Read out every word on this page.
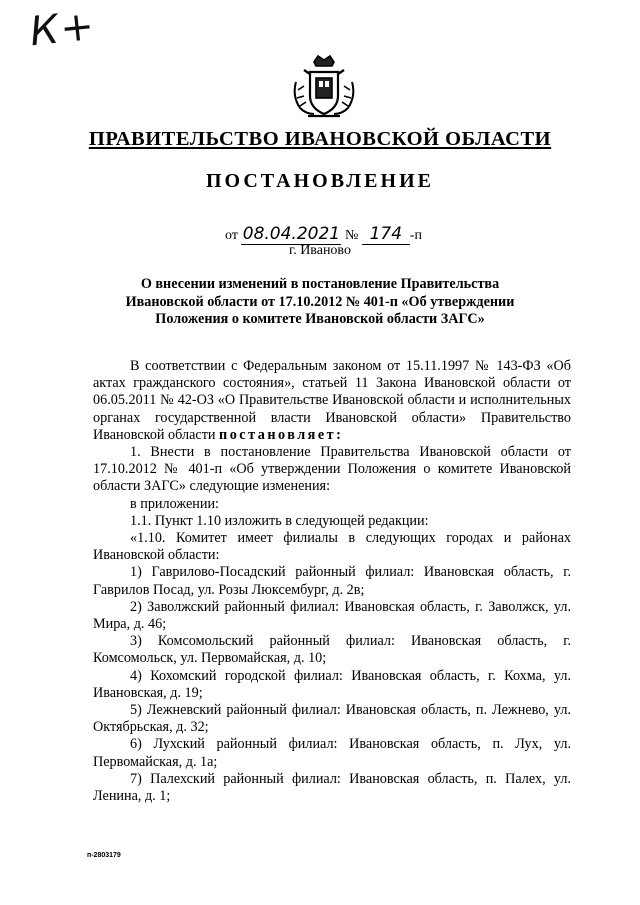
К+
ПРАВИТЕЛЬСТВО ИВАНОВСКОЙ ОБЛАСТИ
ПОСТАНОВЛЕНИЕ
от 08.04.2021 № 174 -п
г. Иваново
О внесении изменений в постановление Правительства
Ивановской области от 17.10.2012 № 401-п «Об утверждении
Положения о комитете Ивановской области ЗАГС»

В соответствии с Федеральным законом от 15.11.1997 № 143-ФЗ «Об актах гражданского состояния», статьей 11 Закона Ивановской области от 06.05.2011 № 42-ОЗ «О Правительстве Ивановской области и исполнительных органах государственной власти Ивановской области» Правительство Ивановской области постановляет:

1. Внести в постановление Правительства Ивановской области от 17.10.2012 № 401-п «Об утверждении Положения о комитете Ивановской области ЗАГС» следующие изменения:

в приложении:

1.1. Пункт 1.10 изложить в следующей редакции:

«1.10. Комитет имеет филиалы в следующих городах и районах Ивановской области:

1) Гаврилово-Посадский районный филиал: Ивановская область, г. Гаврилов Посад, ул. Розы Люксембург, д. 2в;

2) Заволжский районный филиал: Ивановская область, г. Заволжск, ул. Мира, д. 46;

3) Комсомольский районный филиал: Ивановская область, г. Комсомольск, ул. Первомайская, д. 10;

4) Кохомский городской филиал: Ивановская область, г. Кохма, ул. Ивановская, д. 19;

5) Лежневский районный филиал: Ивановская область, п. Лежнево, ул. Октябрьская, д. 32;

6) Лухский районный филиал: Ивановская область, п. Лух, ул. Первомайская, д. 1а;

7) Палехский районный филиал: Ивановская область, п. Палех, ул. Ленина, д. 1;

п-2803179
